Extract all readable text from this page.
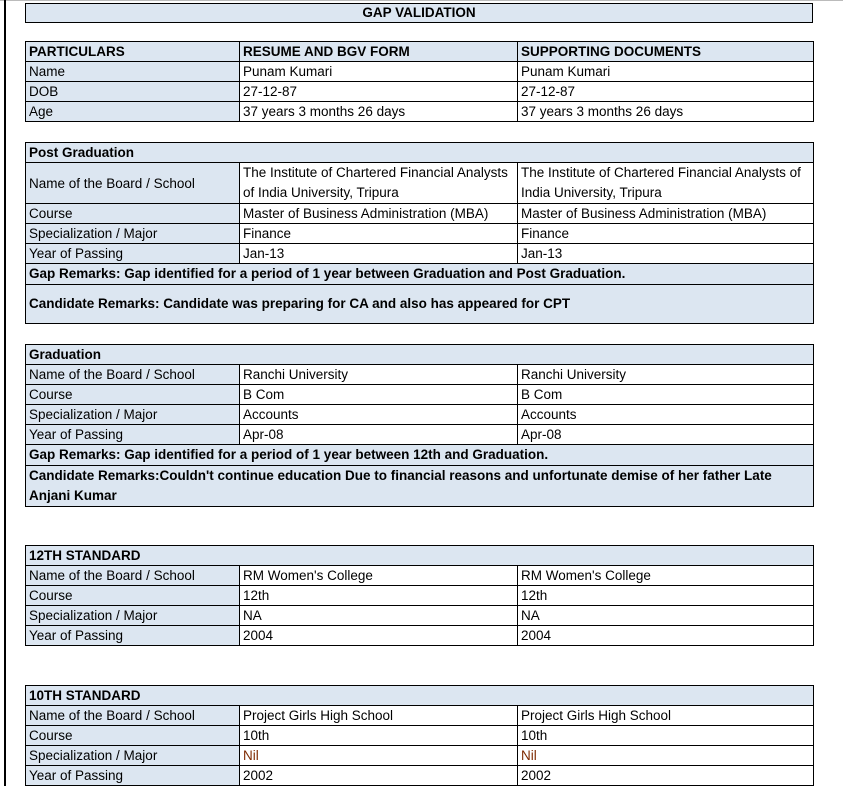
GAP VALIDATION
PARTICULARS	RESUME AND BGV FORM	SUPPORTING DOCUMENTS
Name	Punam Kumari	Punam Kumari
DOB	27-12-87	27-12-87
Age	37 years 3 months 26 days	37 years 3 months 26 days
Post Graduation		
Name of the Board / School	The Institute of Chartered Financial Analysts of India University, Tripura	The Institute of Chartered Financial Analysts of India University, Tripura
Course	Master of Business Administration (MBA)	Master of Business Administration (MBA)
Specialization / Major	Finance	Finance
Year of Passing	Jan-13	Jan-13
Gap Remarks: Gap identified for a period of 1 year between Graduation and Post Graduation.		
Candidate Remarks: Candidate was preparing for CA and also has appeared for CPT		
Graduation		
Name of the Board / School	Ranchi University	Ranchi University
Course	B Com	B Com
Specialization / Major	Accounts	Accounts
Year of Passing	Apr-08	Apr-08
Gap Remarks: Gap identified for a period of 1 year between 12th and Graduation.		
Candidate Remarks:Couldn't continue education Due to financial reasons and unfortunate demise of her father Late Anjani Kumar		
12TH STANDARD		
Name of the Board / School	RM Women's College	RM Women's College
Course	12th	12th
Specialization / Major	NA	NA
Year of Passing	2004	2004
10TH STANDARD		
Name of the Board / School	Project Girls High School	Project Girls High School
Course	10th	10th
Specialization / Major	Nil	Nil
Year of Passing	2002	2002
